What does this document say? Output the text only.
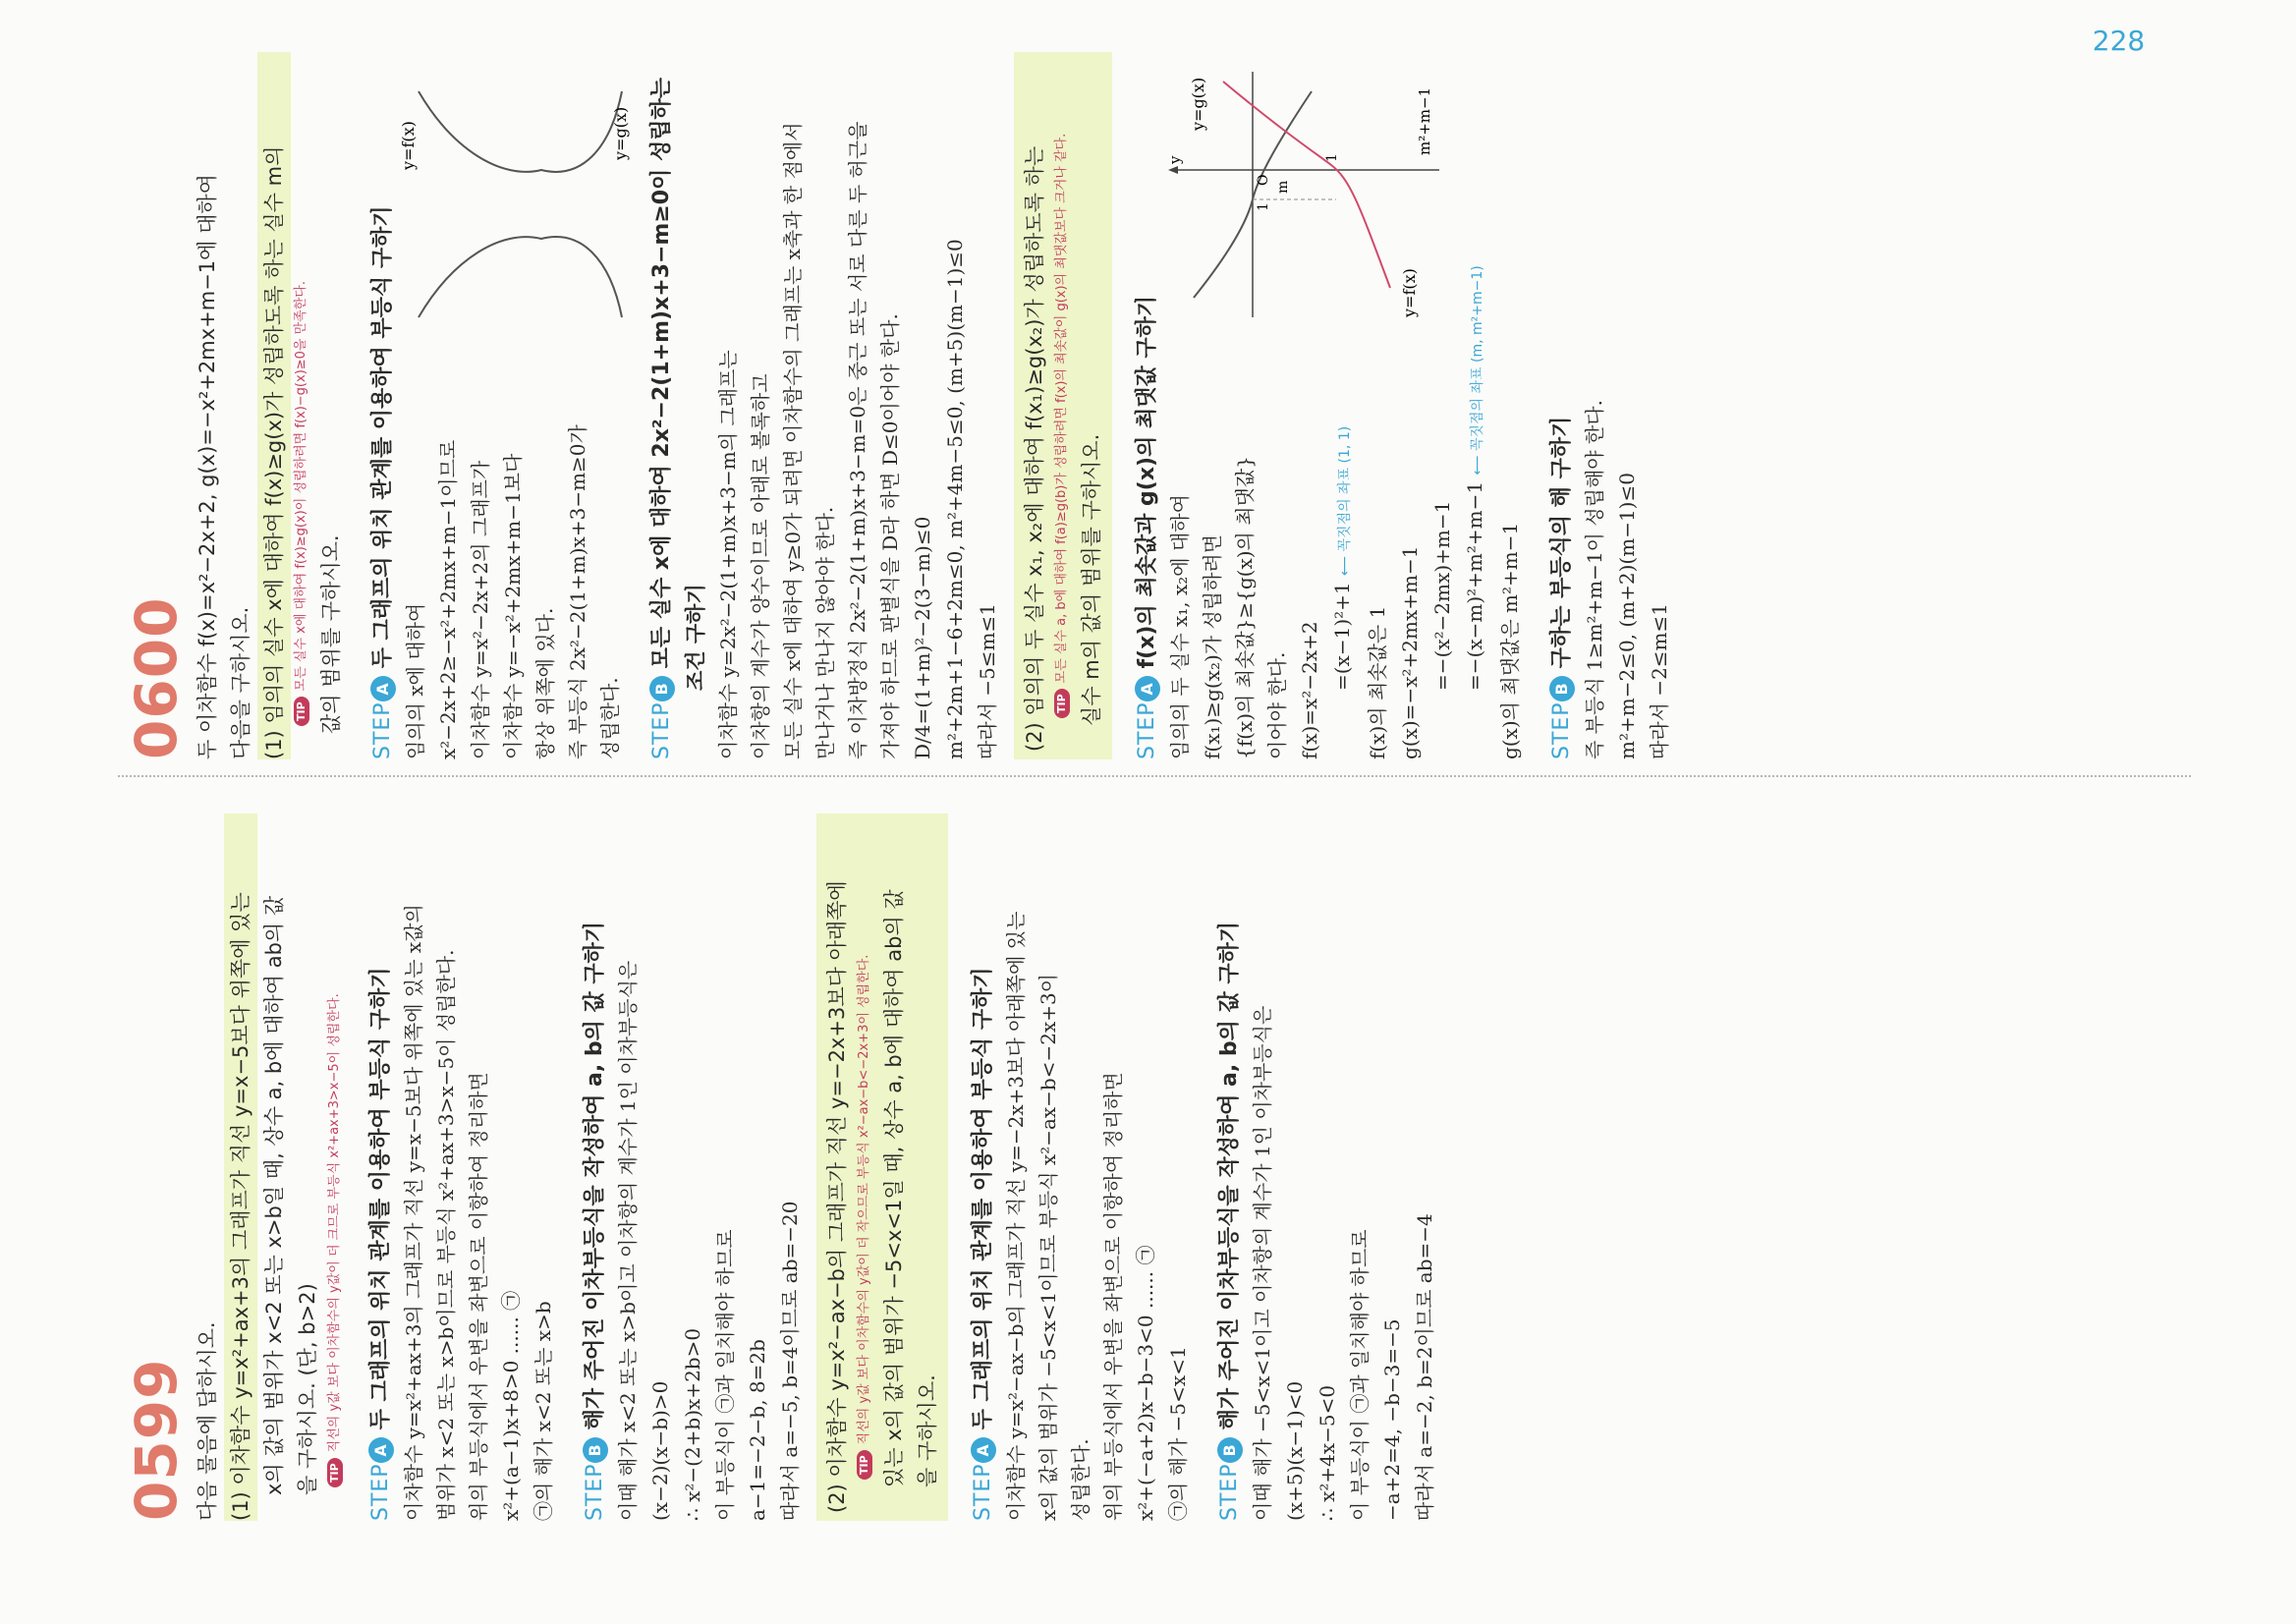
228
0599 다음 물음에 답하시오. (1) 이차함수 y=x²+ax+3의 그래프가 직선 y=x−5보다 위쪽에 있는 x의 값의 범위가 x<2 또는 x>b일 때, 상수 a, b에 대하여 ab의 값 을 구하시오. (단, b>2) TIP직선의 y값 보다 이차함수의 y값이 더 크므로 부등식 x²+ax+3>x−5이 성립한다.

STEPA두 그래프의 위치 관계를 이용하여 부등식 구하기 이차함수 y=x²+ax+3의 그래프가 직선 y=x−5보다 위쪽에 있는 x값의 범위가 x<2 또는 x>b이므로 부등식 x²+ax+3>x−5이 성립한다. 위의 부등식에서 우변을 좌변으로 이항하여 정리하면 x²+(a−1)x+8>0 ...... ㉠ ㉠의 해가 x<2 또는 x>b STEPB해가 주어진 이차부등식을 작성하여 a, b의 값 구하기 이때 해가 x<2 또는 x>b이고 이차항의 계수가 1인 이차부등식은 (x−2)(x−b)>0 ∴ x²−(2+b)x+2b>0 이 부등식이 ㉠과 일치해야 하므로 a−1=−2−b, 8=2b 따라서 a=−5, b=4이므로 ab=−20 (2) 이차함수 y=x²−ax−b의 그래프가 직선 y=−2x+3보다 아래쪽에 TIP직선의 y값 보다 이차함수의 y값이 더 작으므로 부등식 x²−ax−b<−2x+3이 성립한다. 있는 x의 값의 범위가 −5<x<1일 때, 상수 a, b에 대하여 ab의 값 을 구하시오.

STEPA두 그래프의 위치 관계를 이용하여 부등식 구하기 이차함수 y=x²−ax−b의 그래프가 직선 y=−2x+3보다 아래쪽에 있는 x의 값의 범위가 −5<x<1이므로 부등식 x²−ax−b<−2x+3이 성립한다. 위의 부등식에서 우변을 좌변으로 이항하여 정리하면 x²+(−a+2)x−b−3<0 ...... ㉠ ㉠의 해가 −5<x<1 STEPB해가 주어진 이차부등식을 작성하여 a, b의 값 구하기 이때 해가 −5<x<1이고 이차항의 계수가 1인 이차부등식은 (x+5)(x−1)<0 ∴ x²+4x−5<0 이 부등식이 ㉠과 일치해야 하므로 −a+2=4, −b−3=−5 따라서 a=−2, b=2이므로 ab=−4

0600 두 이차함수 f(x)=x²−2x+2, g(x)=−x²+2mx+m−1에 대하여 다음을 구하시오. (1) 임의의 실수 x에 대하여 f(x)≥g(x)가 성립하도록 하는 실수 m의 TIP모든 실수 x에 대하여 f(x)≥g(x)이 성립하려면 f(x)−g(x)≥0을 만족한다. 값의 범위를 구하시오. STEPA두 그래프의 위치 관계를 이용하여 부등식 구하기

임의의 x에 대하여 x²−2x+2≥−x²+2mx+m−1이므로 이차함수 y=x²−2x+2의 그래프가 이차함수 y=−x²+2mx+m−1보다 항상 위쪽에 있다. 즉 부등식 2x²−2(1+m)x+3−m≥0가 성립한다.

y=f(x)	y=g(x)
STEPB모든 실수 x에 대하여 2x²−2(1+m)x+3−m≥0이 성립하는 조건 구하기 이차함수 y=2x²−2(1+m)x+3−m의 그래프는 이차항의 계수가 양수이므로 아래로 볼록하고 모든 실수 x에 대하여 y≥0가 되려면 이차함수의 그래프는 x축과 한 점에서 만나거나 만나지 않아야 한다. 즉 이차방정식 2x²−2(1+m)x+3−m=0은 중근 또는 서로 다른 두 허근을 가져야 하므로 판별식을 D라 하면 D≤0이어야 한다. D/4=(1+m)²−2(3−m)≤0 m²+2m+1−6+2m≤0, m²+4m−5≤0, (m+5)(m−1)≤0 따라서 −5≤m≤1 (2) 임의의 두 실수 x₁, x₂에 대하여 f(x₁)≥g(x₂)가 성립하도록 하는 TIP모든 실수 a, b에 대하여 f(a)≥g(b)가 성립하려면 f(x)의 최솟값이 g(x)의 최댓값보다 크거나 같다. 실수 m의 값의 범위를 구하시오.

STEPAf(x)의 최솟값과 g(x)의 최댓값 구하기 임의의 두 실수 x₁, x₂에 대하여 f(x₁)≥g(x₂)가 성립하려면 {f(x)의 최솟값}≥{g(x)의 최댓값} 이어야 한다. f(x)=x²−2x+2 =(x−1)²+1 ⟵ 꼭짓점의 좌표 (1, 1)

f(x)의 최솟값은 1 g(x)=−x²+2mx+m−1 =−(x²−2mx)+m−1 =−(x−m)²+m²+m−1 ⟵ 꼭짓점의 좌표 (m, m²+m−1)

g(x)의 최댓값은 m²+m−1

y
y=f(x)
y=g(x)	m²+m−1
O
m
1
1
STEPB구하는 부등식의 해 구하기 즉 부등식 1≥m²+m−1이 성립해야 한다. m²+m−2≤0, (m+2)(m−1)≤0 따라서 −2≤m≤1
